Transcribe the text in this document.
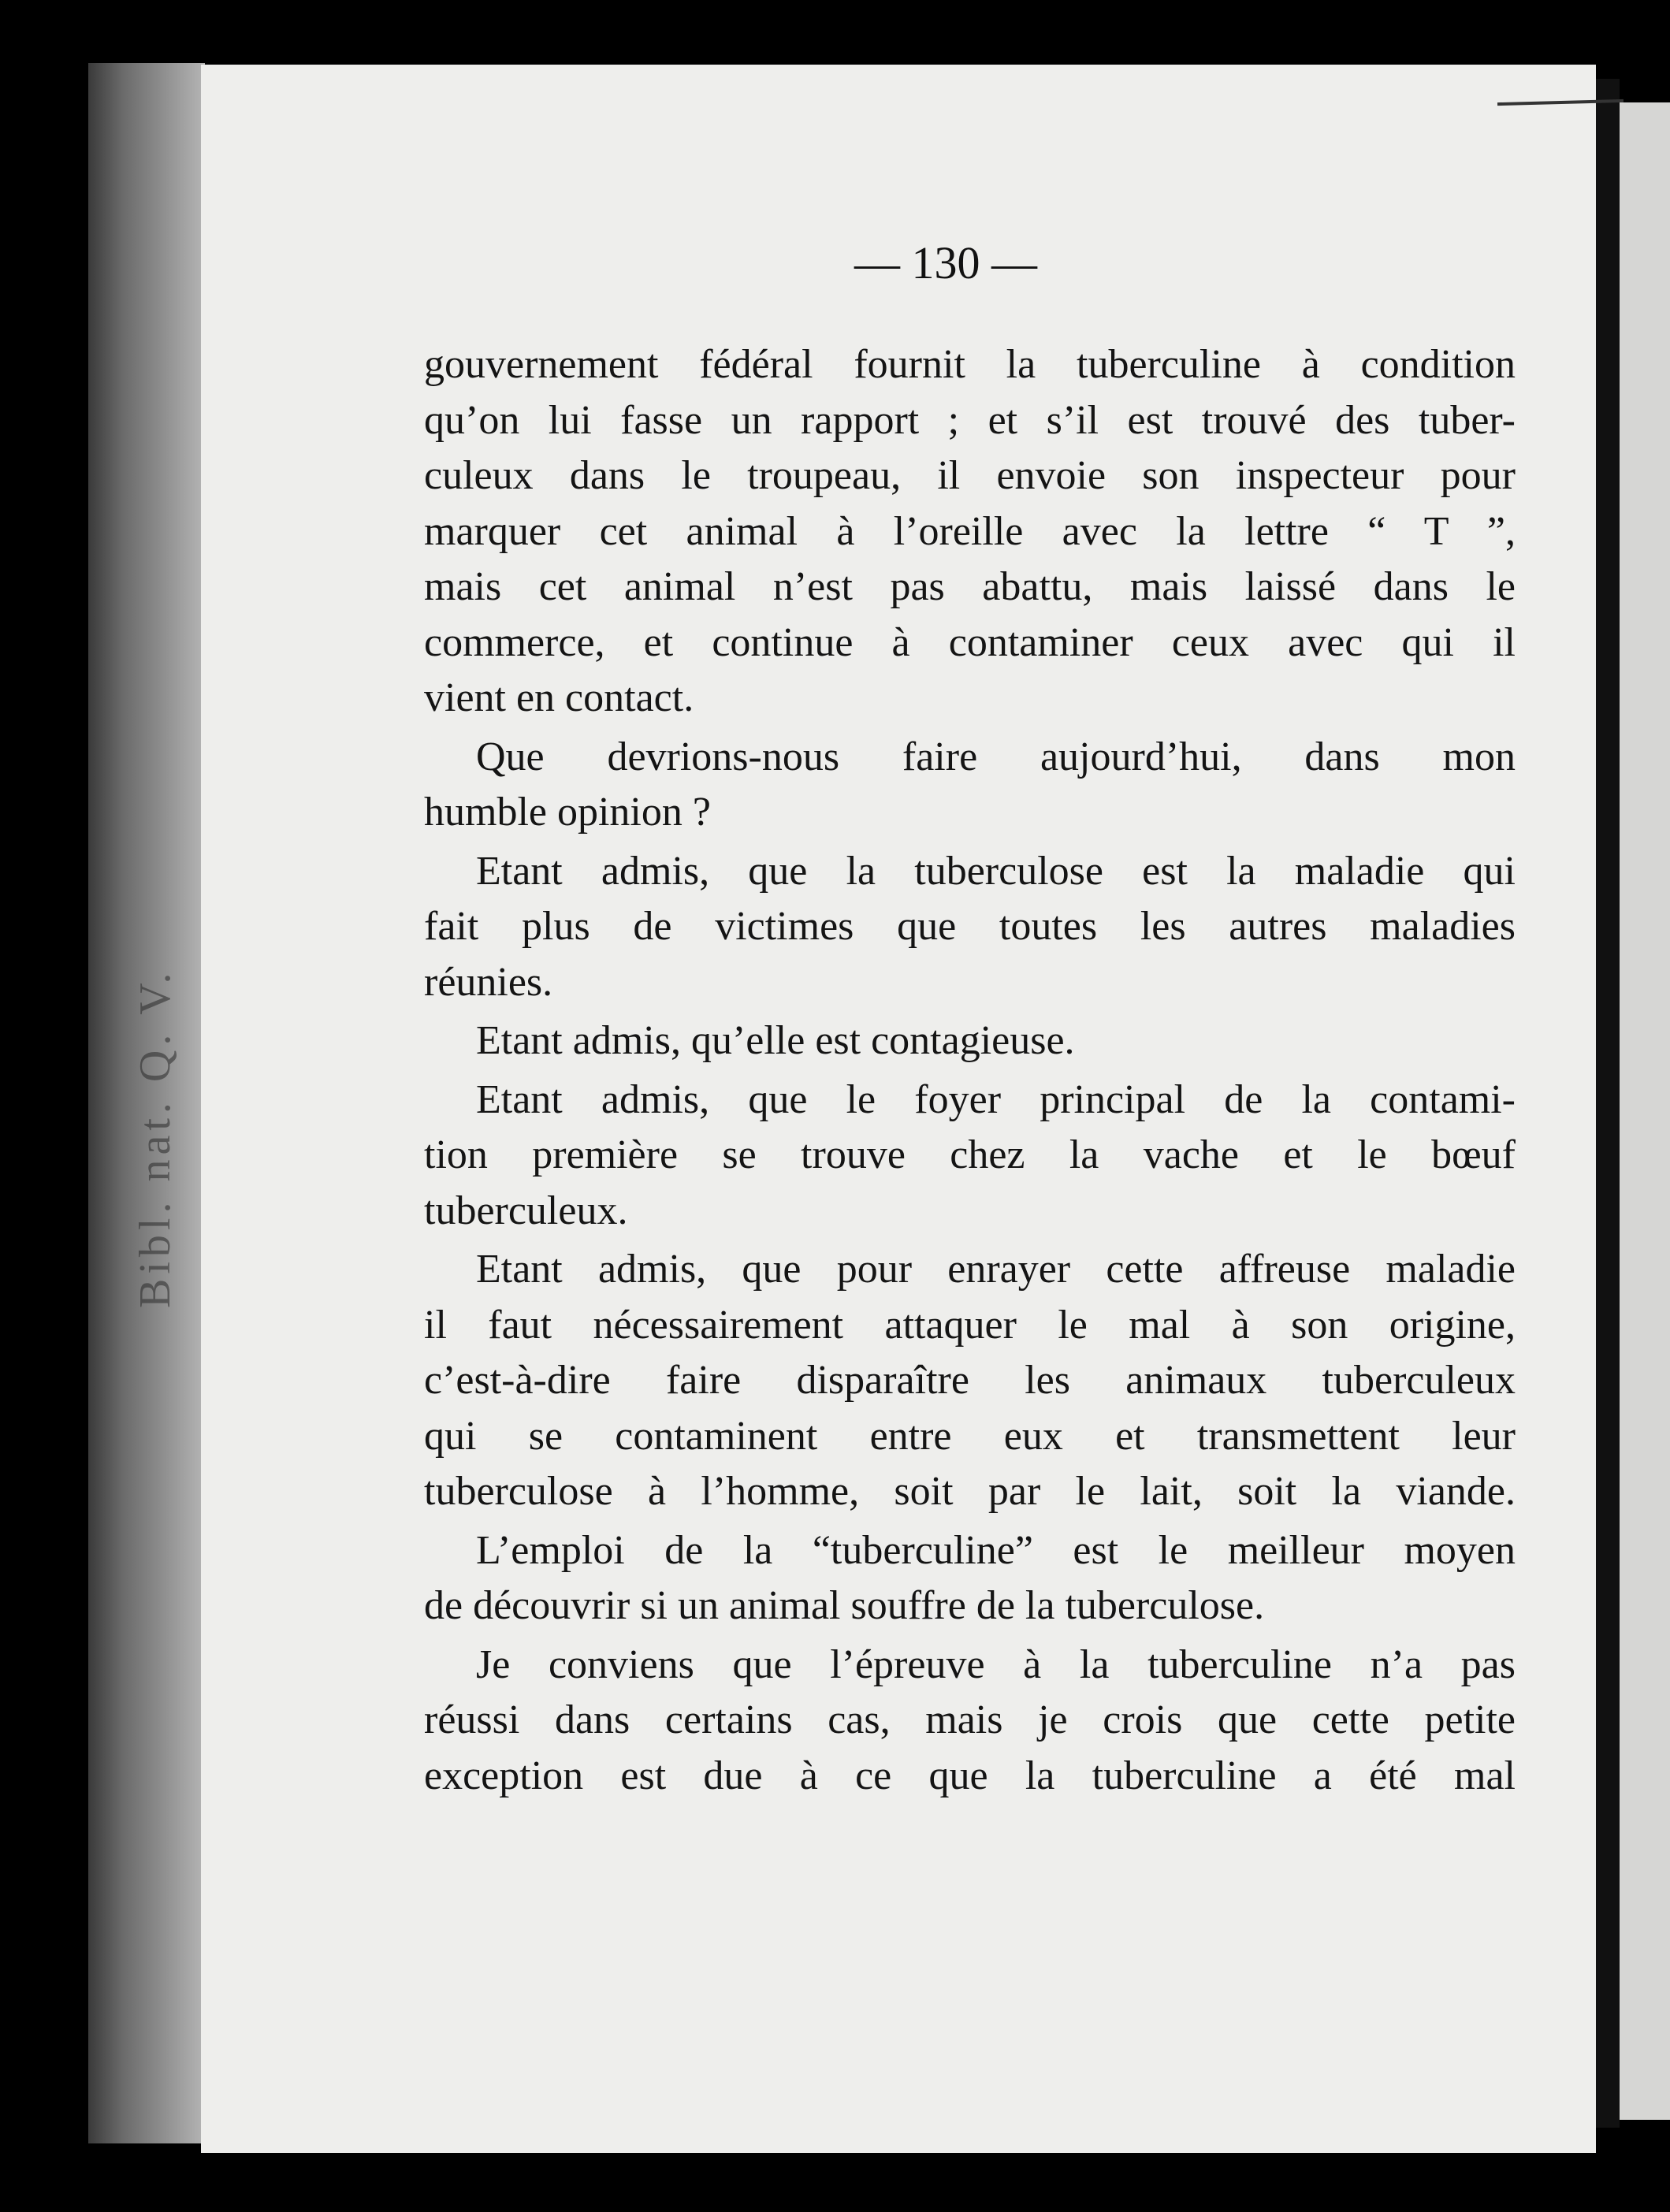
Bibl. nat. Q. V.
— 130 —
gouvernement fédéral fournit la tuberculine à condition
qu’on lui fasse un rapport ; et s’il est trouvé des tuber-
culeux dans le troupeau, il envoie son inspecteur pour
marquer cet animal à l’oreille avec la lettre “ T ”,
mais cet animal n’est pas abattu, mais laissé dans le
commerce, et continue à contaminer ceux avec qui il
vient en contact.
Que devrions-nous faire aujourd’hui, dans mon
humble opinion ?
Etant admis, que la tuberculose est la maladie qui
fait plus de victimes que toutes les autres maladies
réunies.
Etant admis, qu’elle est contagieuse.
Etant admis, que le foyer principal de la contami-
tion première se trouve chez la vache et le bœuf
tuberculeux.
Etant admis, que pour enrayer cette affreuse maladie
il faut nécessairement attaquer le mal à son origine,
c’est-à-dire faire disparaître les animaux tuberculeux
qui se contaminent entre eux et transmettent leur
tuberculose à l’homme, soit par le lait, soit la viande.
L’emploi de la “tuberculine” est le meilleur moyen
de découvrir si un animal souffre de la tuberculose.
Je conviens que l’épreuve à la tuberculine n’a pas
réussi dans certains cas, mais je crois que cette petite
exception est due à ce que la tuberculine a été mal
